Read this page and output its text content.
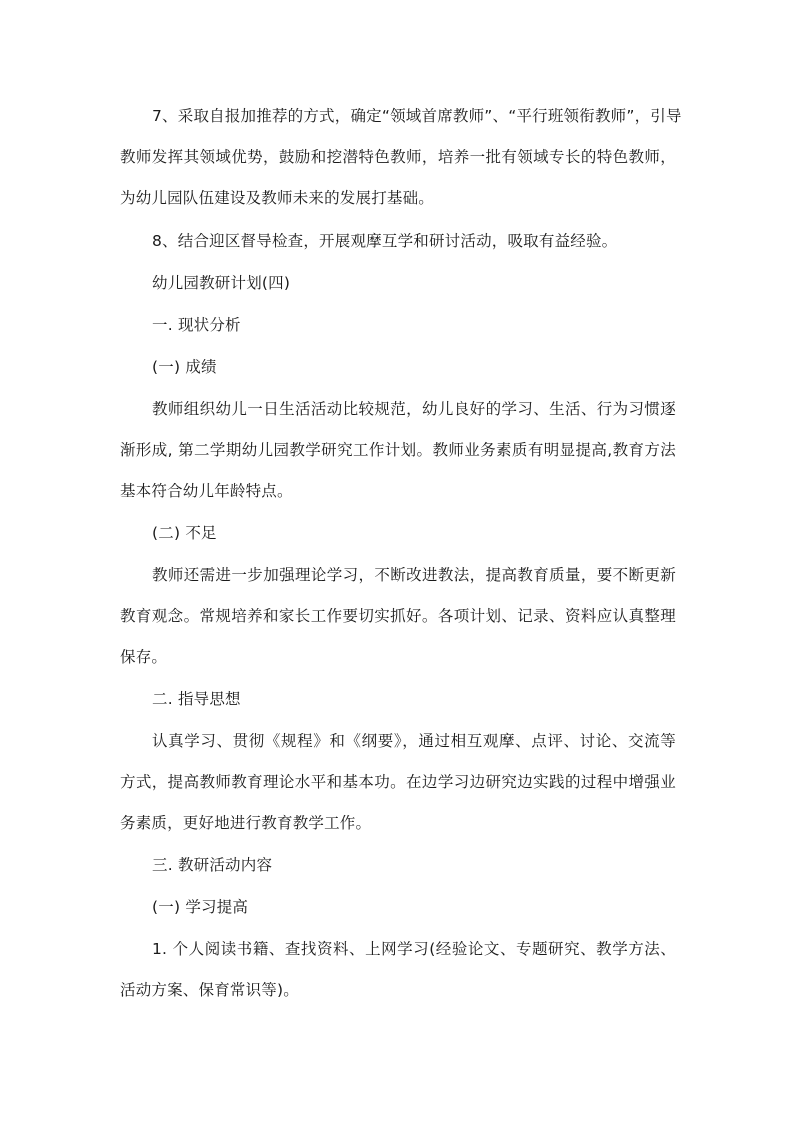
7、采取自报加推荐的方式，确定“领域首席教师”、“平行班领衔教师”，引导
教师发挥其领域优势，鼓励和挖潜特色教师，培养一批有领域专长的特色教师，
为幼儿园队伍建设及教师未来的发展打基础。
8、结合迎区督导检查，开展观摩互学和研讨活动，吸取有益经验。
幼儿园教研计划(四)
一. 现状分析
(一) 成绩
教师组织幼儿一日生活活动比较规范，幼儿良好的学习、生活、行为习惯逐
渐形成, 第二学期幼儿园教学研究工作计划。教师业务素质有明显提高,教育方法
基本符合幼儿年龄特点。
(二) 不足
教师还需进一步加强理论学习，不断改进教法，提高教育质量，要不断更新
教育观念。常规培养和家长工作要切实抓好。各项计划、记录、资料应认真整理
保存。
二. 指导思想
认真学习、贯彻《规程》和《纲要》，通过相互观摩、点评、讨论、交流等
方式，提高教师教育理论水平和基本功。在边学习边研究边实践的过程中增强业
务素质，更好地进行教育教学工作。
三. 教研活动内容
(一) 学习提高
1. 个人阅读书籍、查找资料、上网学习(经验论文、专题研究、教学方法、
活动方案、保育常识等)。
